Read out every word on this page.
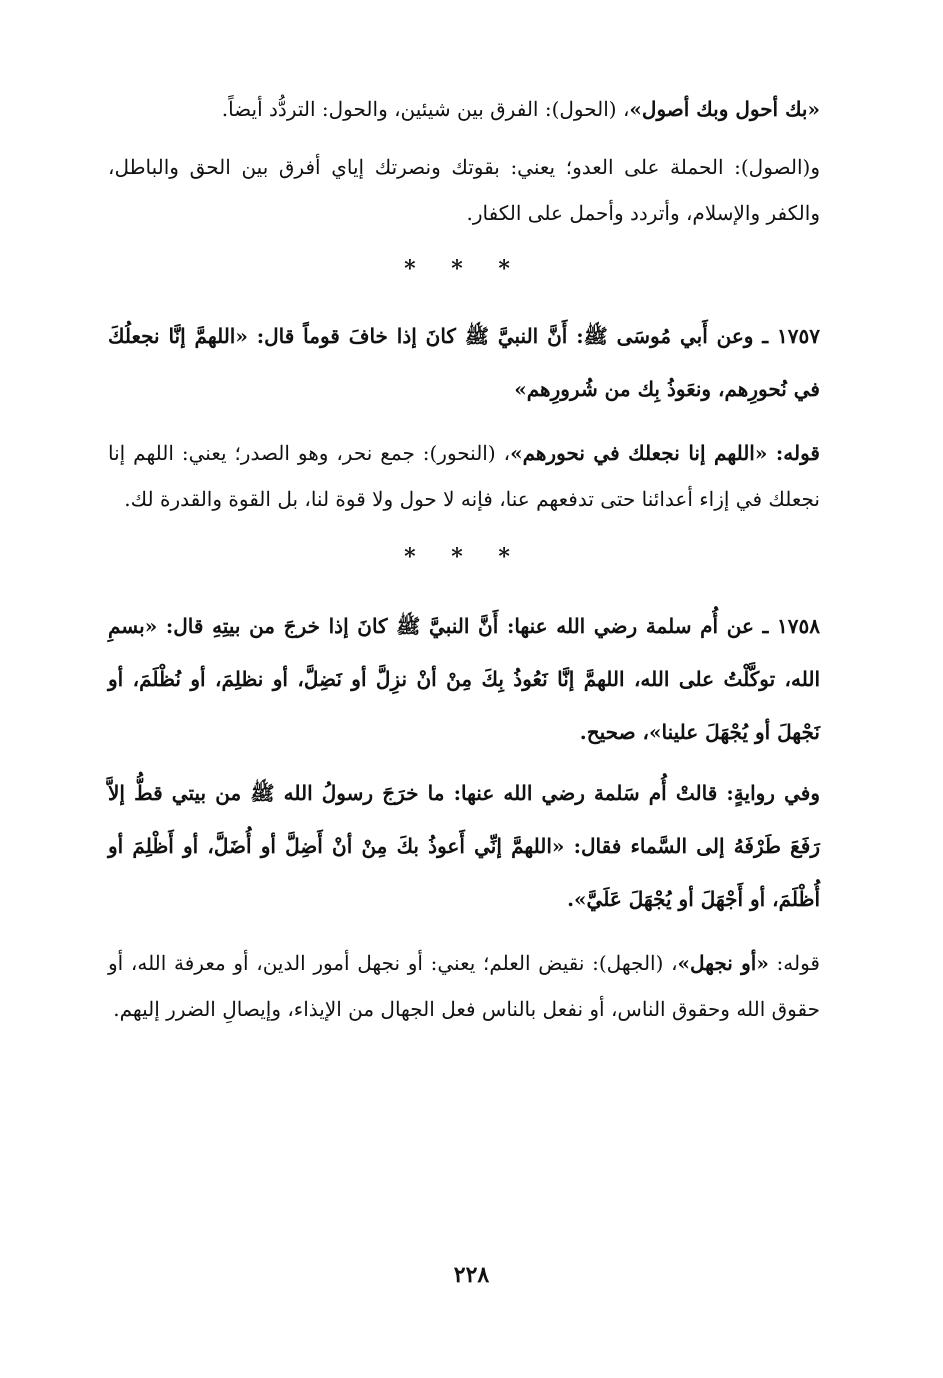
«بك أحول وبك أصول»، (الحول): الفرق بين شيئين، والحول: التردُّد أيضاً.

و(الصول): الحملة على العدو؛ يعني: بقوتك ونصرتك إياي أفرق بين الحق والباطل، والكفر والإسلام، وأتردد وأحمل على الكفار.

* * *

١٧٥٧ ـ وعن أَبي مُوسَى ﷺ: أَنَّ النبيَّ ﷺ كانَ إذا خافَ قوماً قال: «اللهمَّ إنَّا نجعلُكَ في نُحورِهم، ونعَوذُ بِك من شُرورِهم»

قوله: «اللهم إنا نجعلك في نحورهم»، (النحور): جمع نحر، وهو الصدر؛ يعني: اللهم إنا نجعلك في إزاء أعدائنا حتى تدفعهم عنا، فإنه لا حول ولا قوة لنا، بل القوة والقدرة لك.

* * *

١٧٥٨ ـ عن أُم سلمة رضي الله عنها: أَنَّ النبيَّ ﷺ كانَ إذا خرجَ من بيتِهِ قال: «بسمِ الله، توكَّلْتُ على الله، اللهمَّ إنَّا نَعُوذُ بِكَ مِنْ أنْ نزِلَّ أو نَضِلَّ، أو نظلِمَ، أو نُظْلَمَ، أو نَجْهلَ أو يُجْهَلَ علينا»، صحيح.

وفي روايةٍ: قالتْ أُم سَلمة رضي الله عنها: ما خرَجَ رسولُ الله ﷺ من بيتي قطُّ إلاَّ رَفَعَ طَرْفَهُ إلى السَّماء فقال: «اللهمَّ إنِّي أَعوذُ بكَ مِنْ أنْ أَضِلَّ أو أُضَلَّ، أو أَظْلِمَ أو أُظْلَمَ، أو أَجْهَلَ أو يُجْهَلَ عَلَيَّ».

قوله: «أو نجهل»، (الجهل): نقيض العلم؛ يعني: أو نجهل أمور الدين، أو معرفة الله، أو حقوق الله وحقوق الناس، أو نفعل بالناس فعل الجهال من الإيذاء، وإيصالِ الضرر إليهم.

٢٢٨
